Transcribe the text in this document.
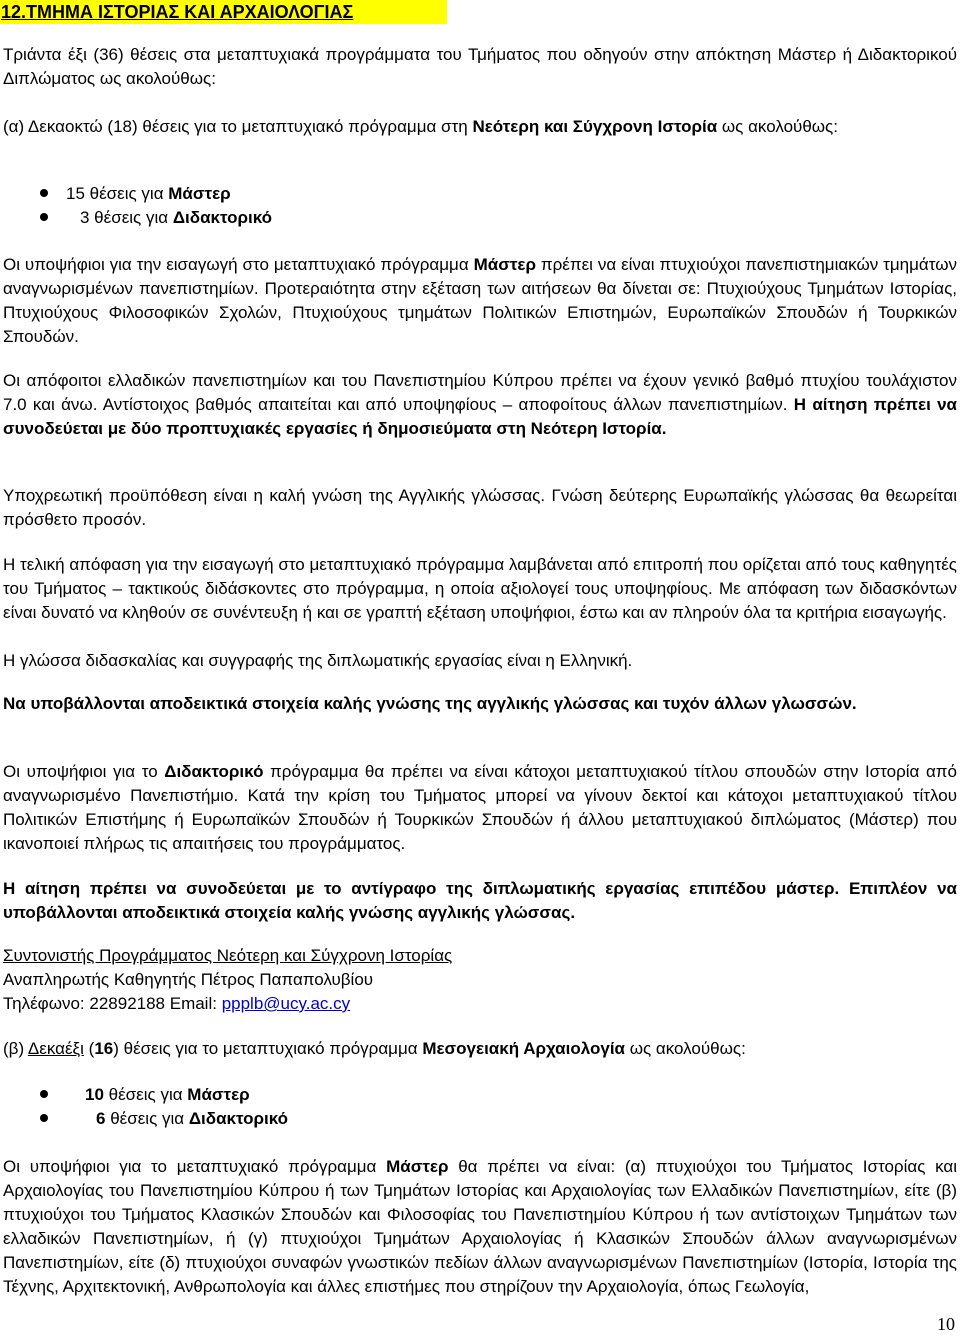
12.ΤΜΗΜΑ ΙΣΤΟΡΙΑΣ ΚΑΙ ΑΡΧΑΙΟΛΟΓΙΑΣ
Τριάντα έξι (36) θέσεις στα μεταπτυχιακά προγράμματα του Τμήματος που οδηγούν στην απόκτηση Μάστερ ή Διδακτορικού Διπλώματος ως ακολούθως:
(α) Δεκαοκτώ (18) θέσεις για το μεταπτυχιακό πρόγραμμα στη Νεότερη και Σύγχρονη Ιστορία ως ακολούθως:
15 θέσεις για Μάστερ
3 θέσεις για Διδακτορικό
Οι υποψήφιοι για την εισαγωγή στο μεταπτυχιακό πρόγραμμα Μάστερ πρέπει να είναι πτυχιούχοι πανεπιστημιακών τμημάτων αναγνωρισμένων πανεπιστημίων. Προτεραιότητα στην εξέταση των αιτήσεων θα δίνεται σε: Πτυχιούχους Τμημάτων Ιστορίας, Πτυχιούχους Φιλοσοφικών Σχολών, Πτυχιούχους τμημάτων Πολιτικών Επιστημών, Ευρωπαϊκών Σπουδών ή Τουρκικών Σπουδών.
Οι απόφοιτοι ελλαδικών πανεπιστημίων και του Πανεπιστημίου Κύπρου πρέπει να έχουν γενικό βαθμό πτυχίου τουλάχιστον 7.0 και άνω. Αντίστοιχος βαθμός απαιτείται και από υποψηφίους – αποφοίτους άλλων πανεπιστημίων. Η αίτηση πρέπει να συνοδεύεται με δύο προπτυχιακές εργασίες ή δημοσιεύματα στη Νεότερη Ιστορία.
Υποχρεωτική προϋπόθεση είναι η καλή γνώση της Αγγλικής γλώσσας. Γνώση δεύτερης Ευρωπαϊκής γλώσσας θα θεωρείται πρόσθετο προσόν.
Η τελική απόφαση για την εισαγωγή στο μεταπτυχιακό πρόγραμμα λαμβάνεται από επιτροπή που ορίζεται από τους καθηγητές του Τμήματος – τακτικούς διδάσκοντες στο πρόγραμμα, η οποία αξιολογεί τους υποψηφίους. Με απόφαση των διδασκόντων είναι δυνατό να κληθούν σε συνέντευξη ή και σε γραπτή εξέταση υποψήφιοι, έστω και αν πληρούν όλα τα κριτήρια εισαγωγής.
Η γλώσσα διδασκαλίας και συγγραφής της διπλωματικής εργασίας είναι η Ελληνική.
Να υποβάλλονται αποδεικτικά στοιχεία καλής γνώσης της αγγλικής γλώσσας και τυχόν άλλων γλωσσών.
Οι υποψήφιοι για το Διδακτορικό πρόγραμμα θα πρέπει να είναι κάτοχοι μεταπτυχιακού τίτλου σπουδών στην Ιστορία από αναγνωρισμένο Πανεπιστήμιο. Κατά την κρίση του Τμήματος μπορεί να γίνουν δεκτοί και κάτοχοι μεταπτυχιακού τίτλου Πολιτικών Επιστήμης ή Ευρωπαϊκών Σπουδών ή Τουρκικών Σπουδών ή άλλου μεταπτυχιακού διπλώματος (Μάστερ) που ικανοποιεί πλήρως τις απαιτήσεις του προγράμματος.
Η αίτηση πρέπει να συνοδεύεται με το αντίγραφο της διπλωματικής εργασίας επιπέδου μάστερ. Επιπλέον να υποβάλλονται αποδεικτικά στοιχεία καλής γνώσης αγγλικής γλώσσας.
Συντονιστής Προγράμματος Νεότερη και Σύγχρονη Ιστορίας
Αναπληρωτής Καθηγητής Πέτρος Παπαπολυβίου
Τηλέφωνο: 22892188 Email: ppplb@ucy.ac.cy
(β) Δεκαέξι (16) θέσεις για το μεταπτυχιακό πρόγραμμα Μεσογειακή Αρχαιολογία ως ακολούθως:
10 θέσεις για Μάστερ
6 θέσεις για Διδακτορικό
Οι υποψήφιοι για το μεταπτυχιακό πρόγραμμα Μάστερ θα πρέπει να είναι: (α) πτυχιούχοι του Τμήματος Ιστορίας και Αρχαιολογίας του Πανεπιστημίου Κύπρου ή των Τμημάτων Ιστορίας και Αρχαιολογίας των Ελλαδικών Πανεπιστημίων, είτε (β) πτυχιούχοι του Τμήματος Κλασικών Σπουδών και Φιλοσοφίας του Πανεπιστημίου Κύπρου ή των αντίστοιχων Τμημάτων των ελλαδικών Πανεπιστημίων, ή (γ) πτυχιούχοι Τμημάτων Αρχαιολογίας ή Κλασικών Σπουδών άλλων αναγνωρισμένων Πανεπιστημίων, είτε (δ) πτυχιούχοι συναφών γνωστικών πεδίων άλλων αναγνωρισμένων Πανεπιστημίων (Ιστορία, Ιστορία της Τέχνης, Αρχιτεκτονική, Ανθρωπολογία και άλλες επιστήμες που στηρίζουν την Αρχαιολογία, όπως Γεωλογία,
10
